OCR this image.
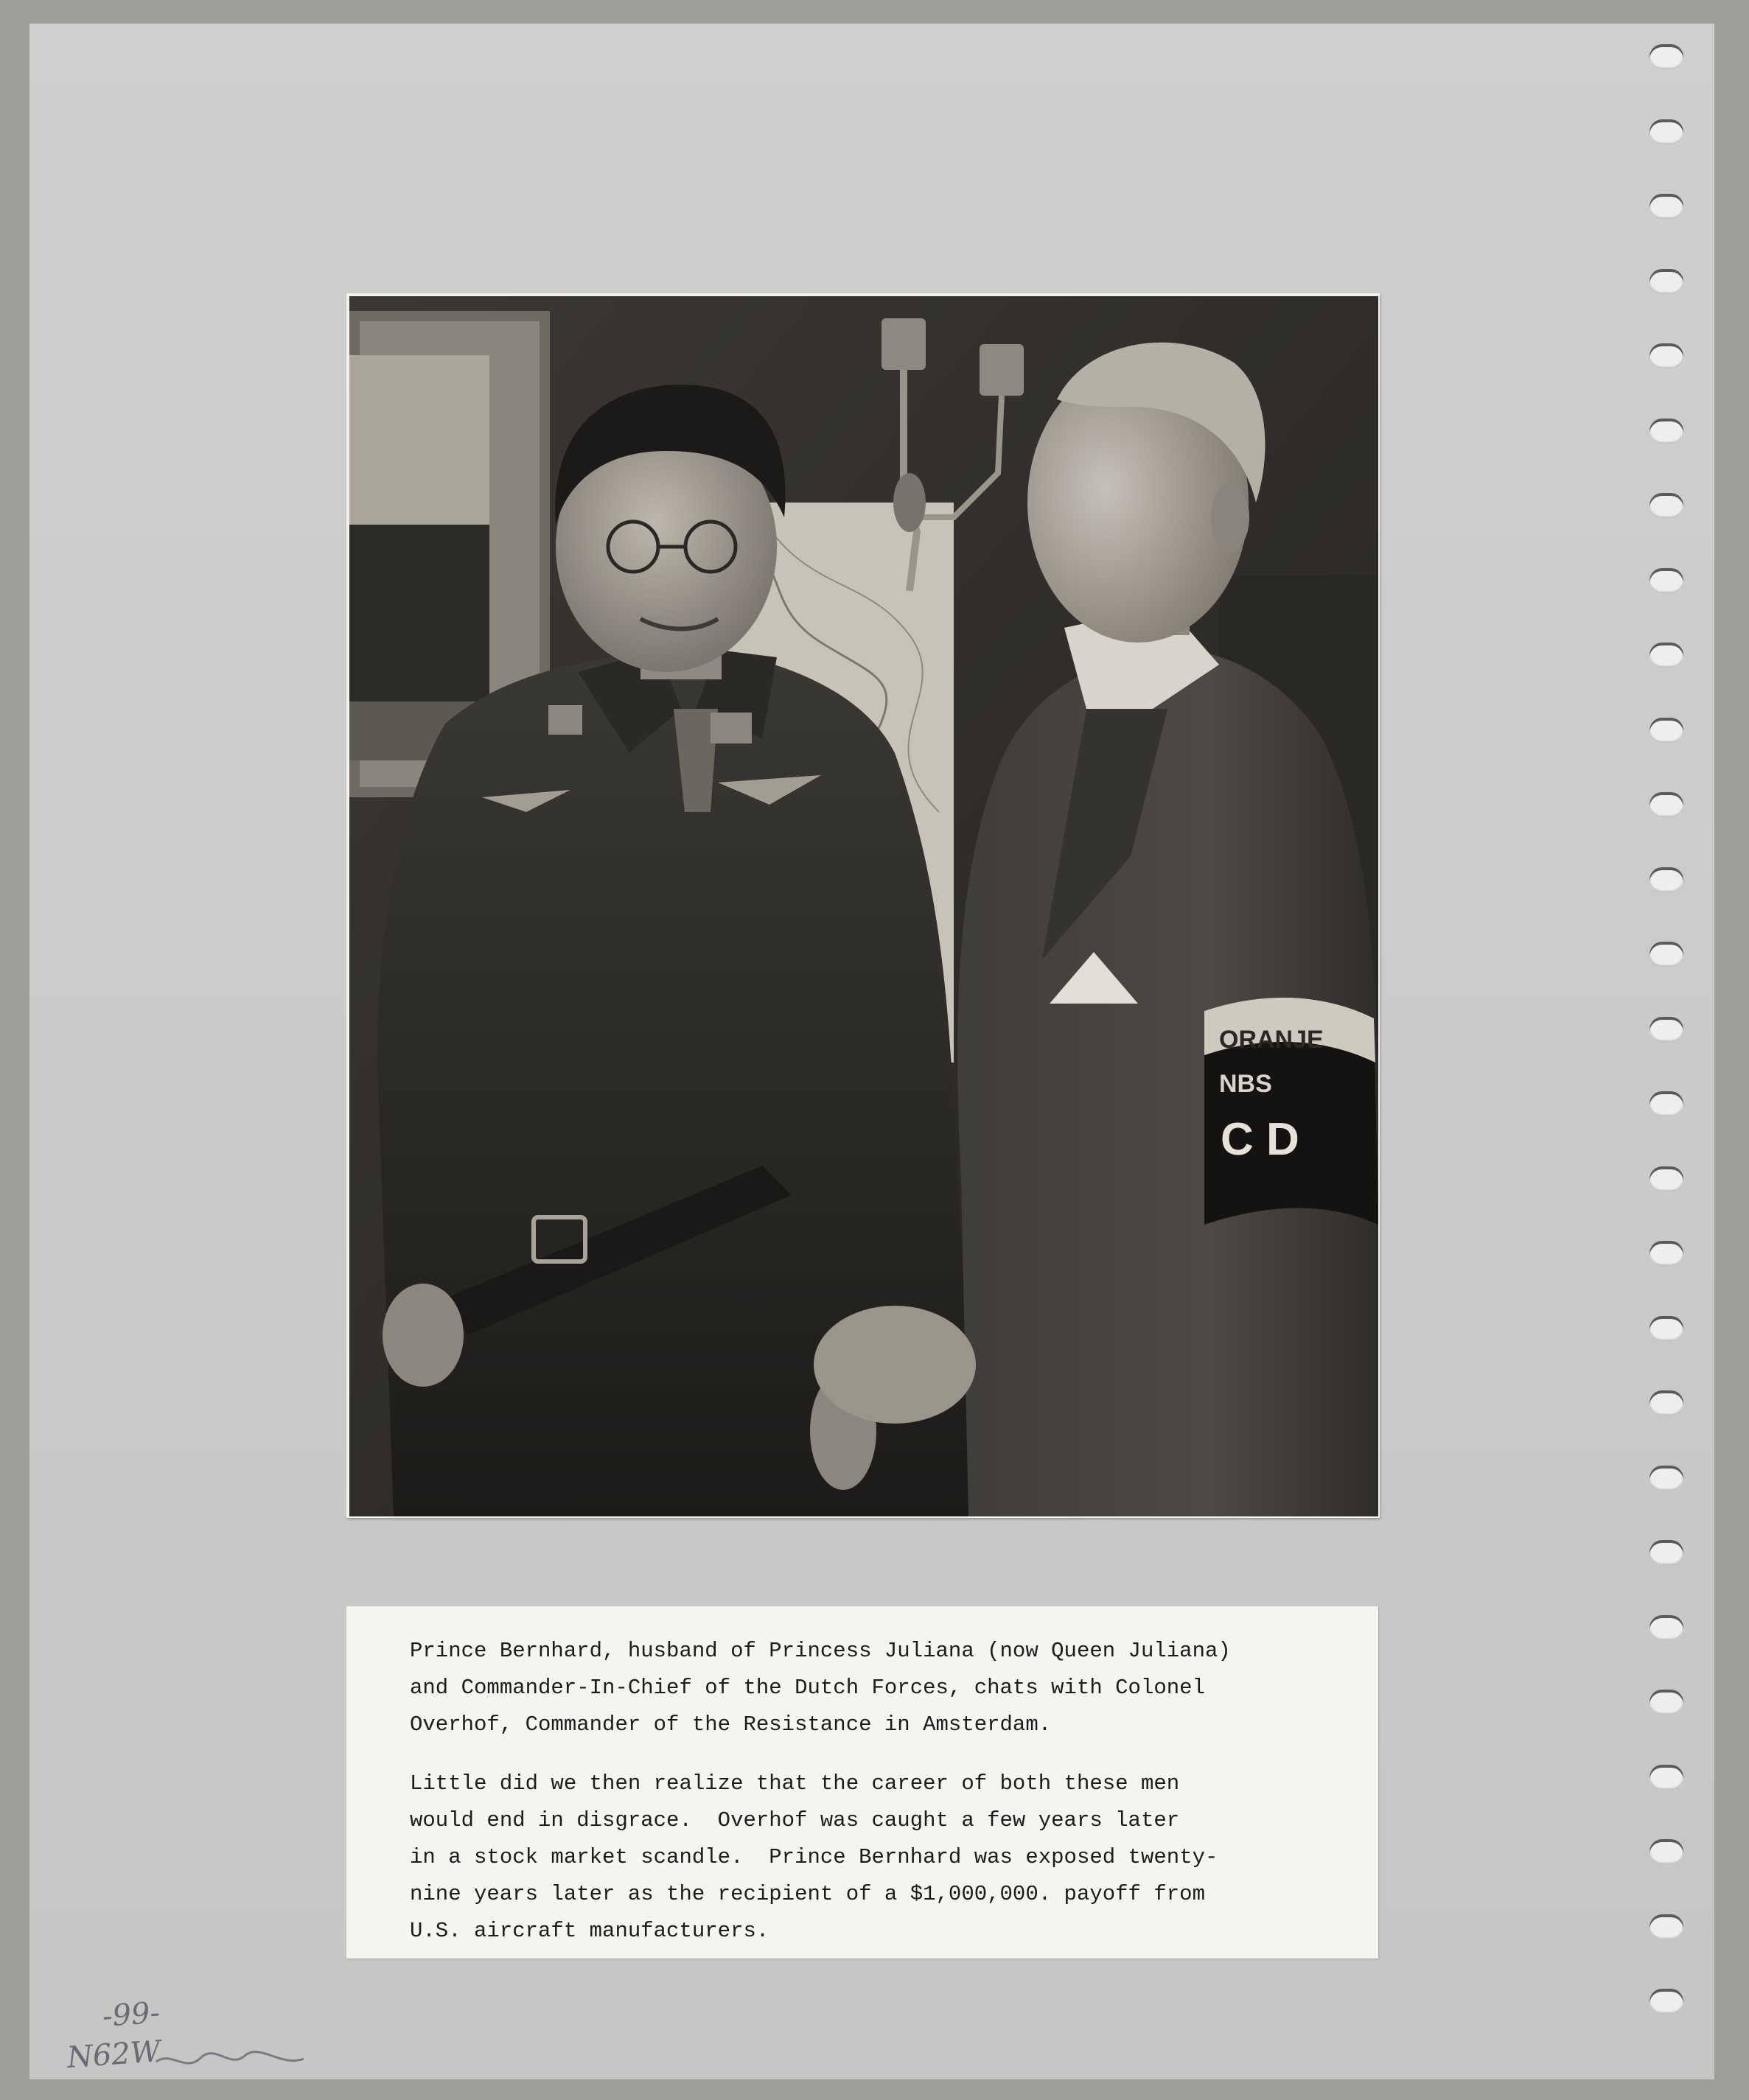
ORANJE
NBS
C D

Prince Bernhard, husband of Princess Juliana (now Queen Juliana)
and Commander-In-Chief of the Dutch Forces, chats with Colonel
Overhof, Commander of the Resistance in Amsterdam.

Little did we then realize that the career of both these men
would end in disgrace.  Overhof was caught a few years later
in a stock market scandle.  Prince Bernhard was exposed twenty-
nine years later as the recipient of a $1,000,000. payoff from
U.S. aircraft manufacturers.

-99-
N62W
